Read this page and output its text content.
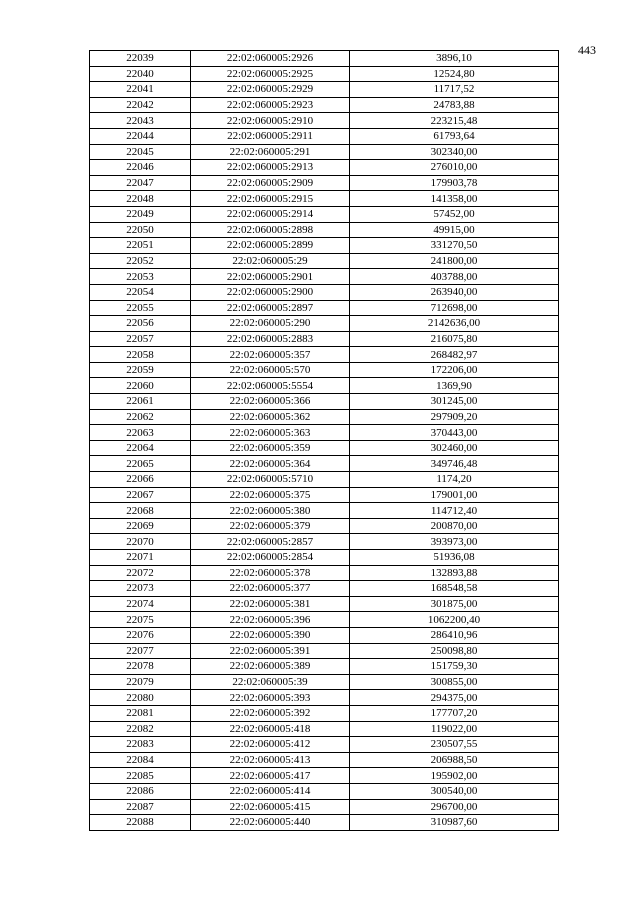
443
22039	22:02:060005:2926	3896,10
22040	22:02:060005:2925	12524,80
22041	22:02:060005:2929	11717,52
22042	22:02:060005:2923	24783,88
22043	22:02:060005:2910	223215,48
22044	22:02:060005:2911	61793,64
22045	22:02:060005:291	302340,00
22046	22:02:060005:2913	276010,00
22047	22:02:060005:2909	179903,78
22048	22:02:060005:2915	141358,00
22049	22:02:060005:2914	57452,00
22050	22:02:060005:2898	49915,00
22051	22:02:060005:2899	331270,50
22052	22:02:060005:29	241800,00
22053	22:02:060005:2901	403788,00
22054	22:02:060005:2900	263940,00
22055	22:02:060005:2897	712698,00
22056	22:02:060005:290	2142636,00
22057	22:02:060005:2883	216075,80
22058	22:02:060005:357	268482,97
22059	22:02:060005:570	172206,00
22060	22:02:060005:5554	1369,90
22061	22:02:060005:366	301245,00
22062	22:02:060005:362	297909,20
22063	22:02:060005:363	370443,00
22064	22:02:060005:359	302460,00
22065	22:02:060005:364	349746,48
22066	22:02:060005:5710	1174,20
22067	22:02:060005:375	179001,00
22068	22:02:060005:380	114712,40
22069	22:02:060005:379	200870,00
22070	22:02:060005:2857	393973,00
22071	22:02:060005:2854	51936,08
22072	22:02:060005:378	132893,88
22073	22:02:060005:377	168548,58
22074	22:02:060005:381	301875,00
22075	22:02:060005:396	1062200,40
22076	22:02:060005:390	286410,96
22077	22:02:060005:391	250098,80
22078	22:02:060005:389	151759,30
22079	22:02:060005:39	300855,00
22080	22:02:060005:393	294375,00
22081	22:02:060005:392	177707,20
22082	22:02:060005:418	119022,00
22083	22:02:060005:412	230507,55
22084	22:02:060005:413	206988,50
22085	22:02:060005:417	195902,00
22086	22:02:060005:414	300540,00
22087	22:02:060005:415	296700,00
22088	22:02:060005:440	310987,60
